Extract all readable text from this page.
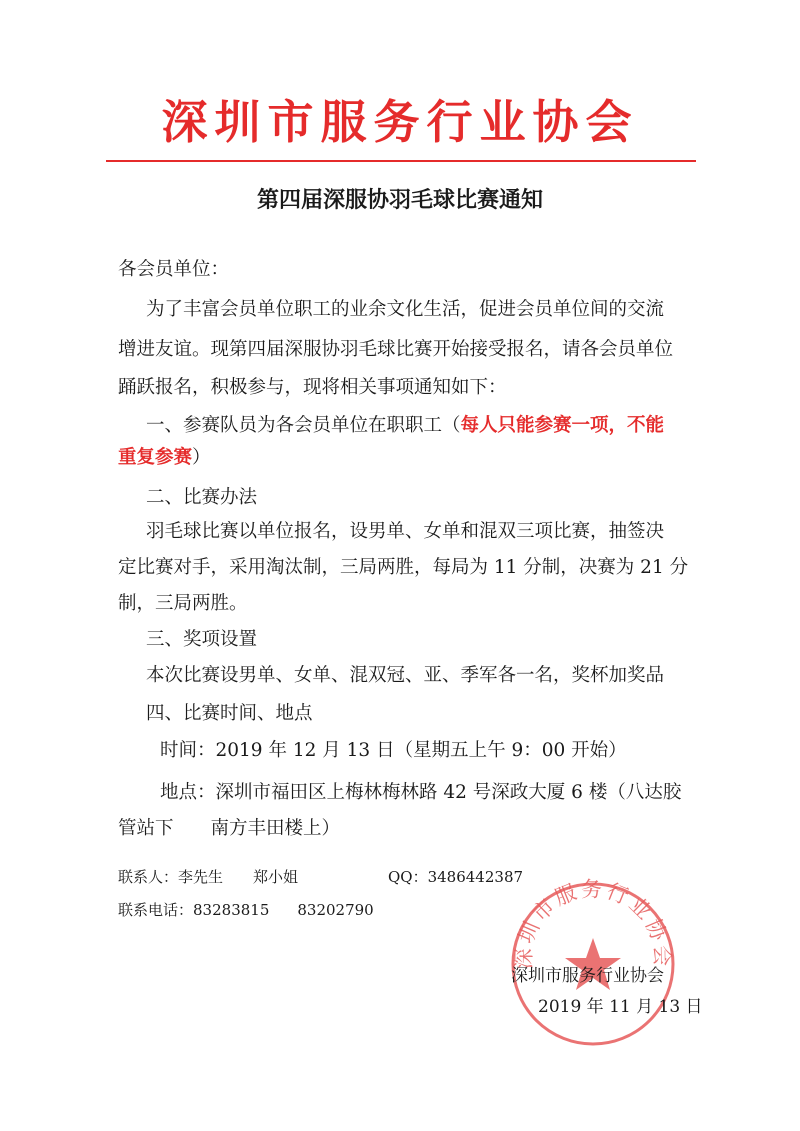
深圳市服务行业协会
第四届深服协羽毛球比赛通知
各会员单位：
为了丰富会员单位职工的业余文化生活，促进会员单位间的交流
增进友谊。现第四届深服协羽毛球比赛开始接受报名，请各会员单位
踊跃报名，积极参与，现将相关事项通知如下：
一、参赛队员为各会员单位在职职工（每人只能参赛一项，不能
重复参赛）
二、比赛办法
羽毛球比赛以单位报名，设男单、女单和混双三项比赛，抽签决
定比赛对手，采用淘汰制，三局两胜，每局为 11 分制，决赛为 21 分
制，三局两胜。
三、奖项设置
本次比赛设男单、女单、混双冠、亚、季军各一名，奖杯加奖品
四、比赛时间、地点
时间：2019 年 12 月 13 日（星期五上午 9：00 开始）
地点：深圳市福田区上梅林梅林路 42 号深政大厦 6 楼（八达胶
管站下　　南方丰田楼上）
联系人：李先生　　郑小姐	QQ：3486442387
联系电话：83283815 83202790
深圳市服务行业协会
深圳市服务行业协会
2019 年 11 月 13 日
